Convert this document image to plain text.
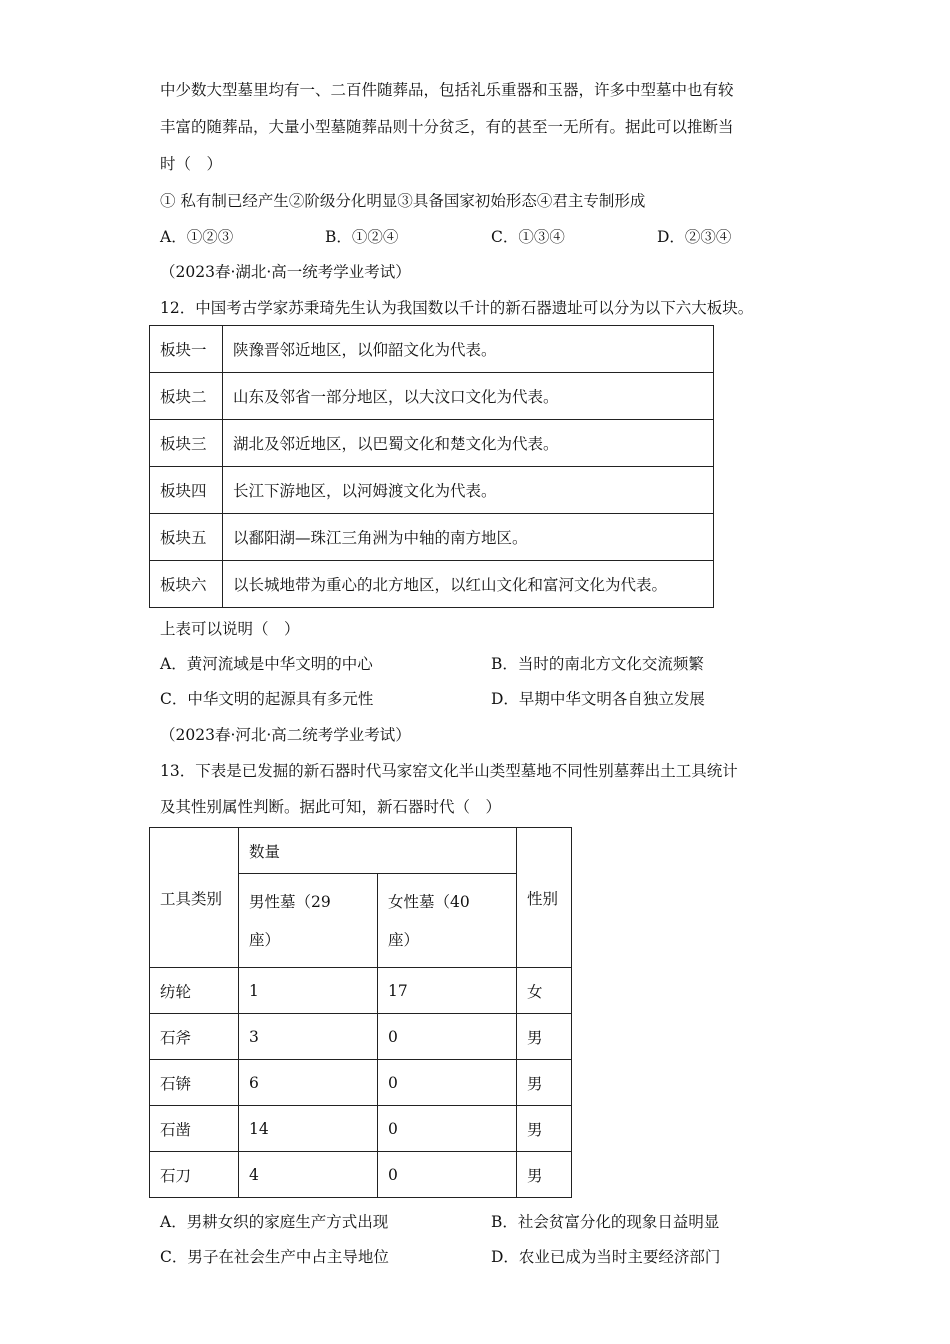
中少数大型墓里均有一、二百件随葬品，包括礼乐重器和玉器，许多中型墓中也有较
丰富的随葬品，大量小型墓随葬品则十分贫乏，有的甚至一无所有。据此可以推断当
时（　）
① 私有制已经产生②阶级分化明显③具备国家初始形态④君主专制形成
A．①②③	B．①②④	C．①③④	D．②③④
（2023春·湖北·高一统考学业考试）
12．中国考古学家苏秉琦先生认为我国数以千计的新石器遗址可以分为以下六大板块。
板块一	陕豫晋邻近地区，以仰韶文化为代表。
板块二	山东及邻省一部分地区，以大汶口文化为代表。
板块三	湖北及邻近地区，以巴蜀文化和楚文化为代表。
板块四	长江下游地区，以河姆渡文化为代表。
板块五	以鄱阳湖—珠江三角洲为中轴的南方地区。
板块六	以长城地带为重心的北方地区，以红山文化和富河文化为代表。
上表可以说明（　）
A．黄河流域是中华文明的中心	B．当时的南北方文化交流频繁
C．中华文明的起源具有多元性	D．早期中华文明各自独立发展
（2023春·河北·高二统考学业考试）
13．下表是已发掘的新石器时代马家窑文化半山类型墓地不同性别墓葬出土工具统计
及其性别属性判断。据此可知，新石器时代（　）
工具类别	数量		性别

	男性墓（29座）	女性墓（40座）	

纺轮	1	17	女
石斧	3	0	男
石锛	6	0	男
石凿	14	0	男
石刀	4	0	男
A．男耕女织的家庭生产方式出现	B．社会贫富分化的现象日益明显
C．男子在社会生产中占主导地位	D．农业已成为当时主要经济部门
